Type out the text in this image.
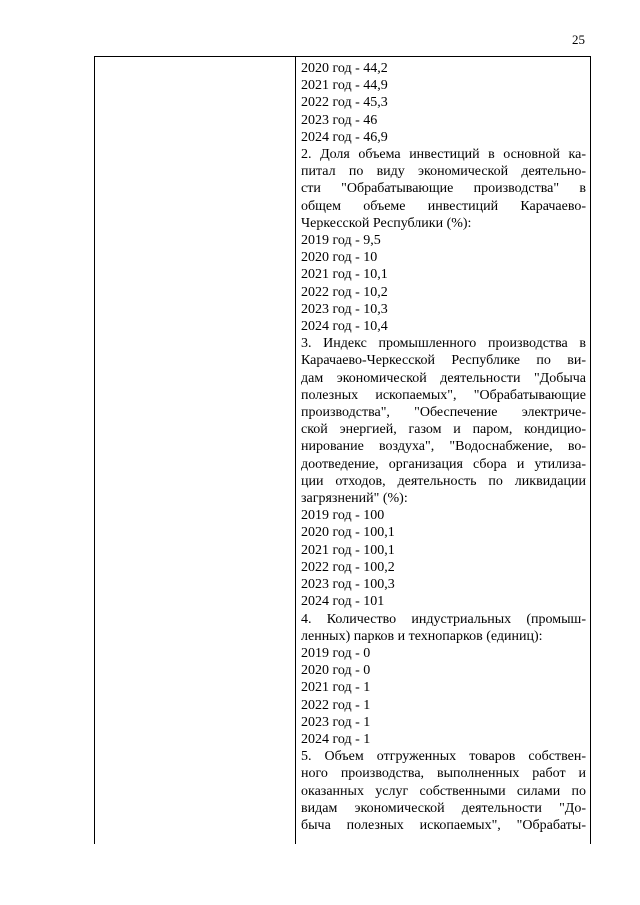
25
2020 год - 44,2
2021 год - 44,9
2022 год - 45,3
2023 год - 46
2024 год - 46,9
2. Доля объема инвестиций в основной ка-
питал по виду экономической деятельно-
сти "Обрабатывающие производства" в
общем объеме инвестиций Карачаево-
Черкесской Республики (%):
2019 год - 9,5
2020 год - 10
2021 год - 10,1
2022 год - 10,2
2023 год - 10,3
2024 год - 10,4
3. Индекс промышленного производства в
Карачаево-Черкесской Республике по ви-
дам экономической деятельности "Добыча
полезных ископаемых", "Обрабатывающие
производства", "Обеспечение электриче-
ской энергией, газом и паром, кондицио-
нирование воздуха", "Водоснабжение, во-
доотведение, организация сбора и утилиза-
ции отходов, деятельность по ликвидации
загрязнений" (%):
2019 год - 100
2020 год - 100,1
2021 год - 100,1
2022 год - 100,2
2023 год - 100,3
2024 год - 101
4. Количество индустриальных (промыш-
ленных) парков и технопарков (единиц):
2019 год - 0
2020 год - 0
2021 год - 1
2022 год - 1
2023 год - 1
2024 год - 1
5. Объем отгруженных товаров собствен-
ного производства, выполненных работ и
оказанных услуг собственными силами по
видам экономической деятельности "До-
быча полезных ископаемых", "Обрабаты-
